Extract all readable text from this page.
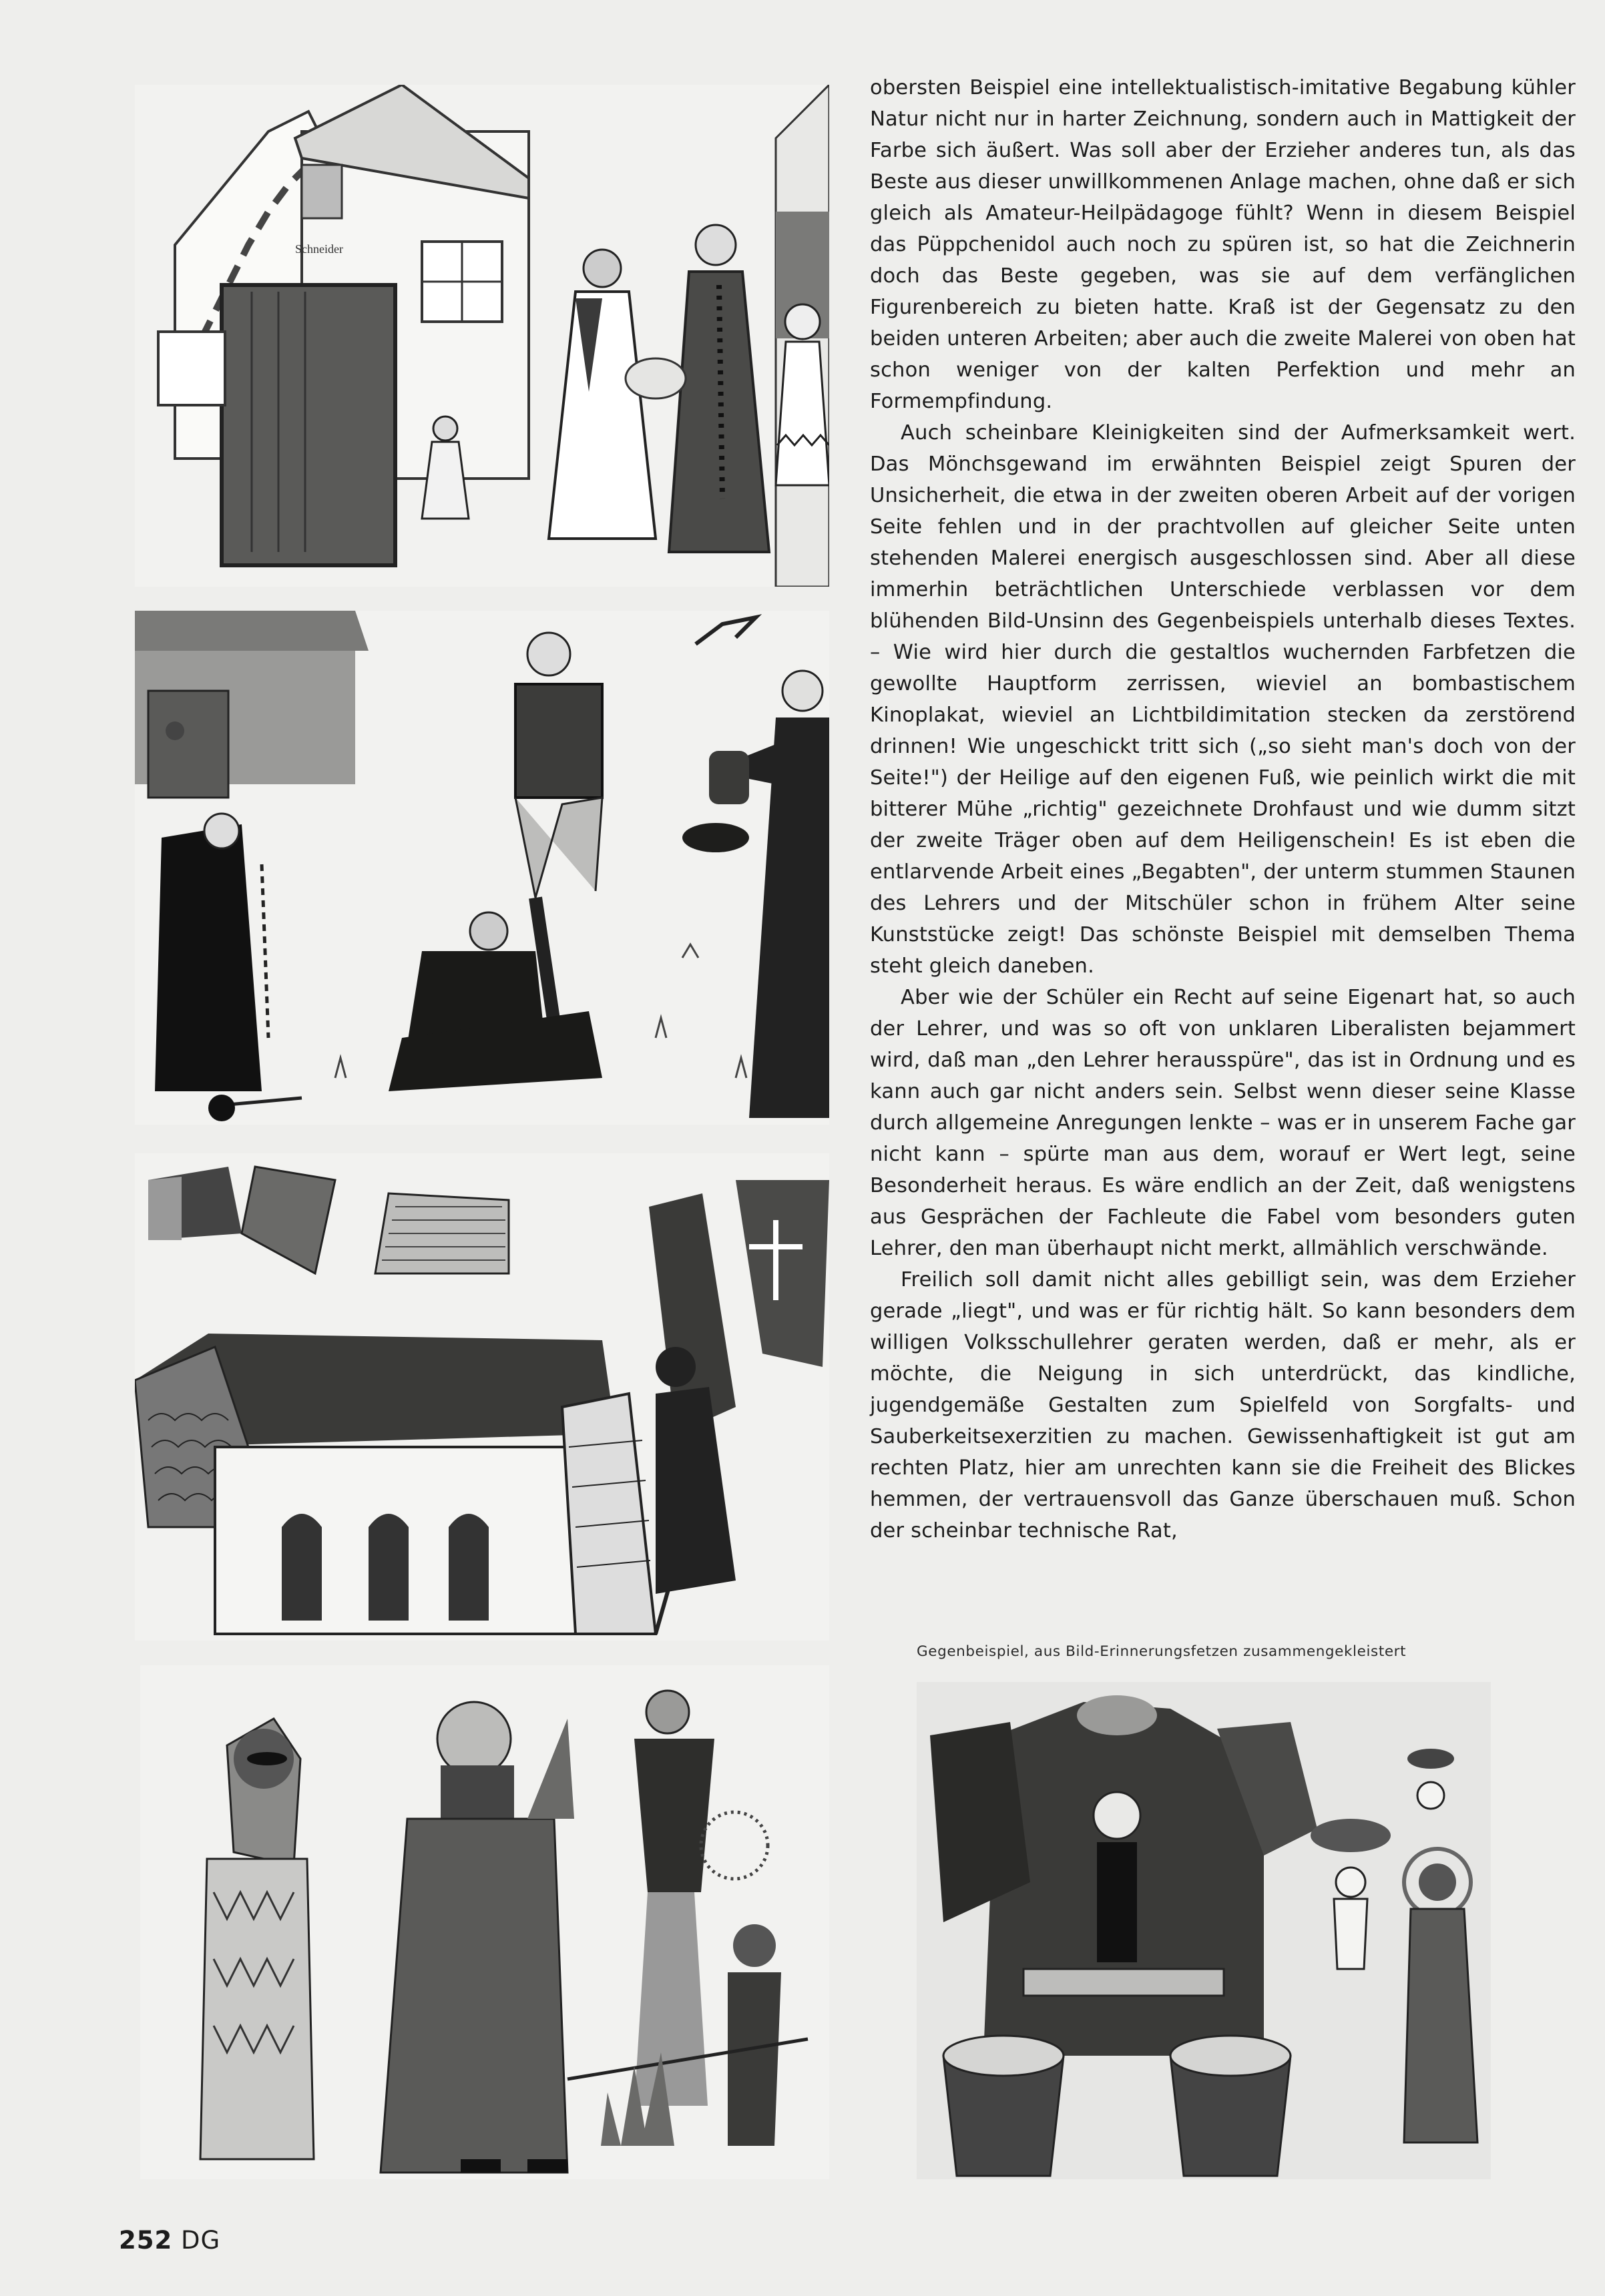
Schneider

obersten Beispiel eine intellektualistisch-imitative Begabung kühler Natur nicht nur in harter Zeichnung, sondern auch in Mattigkeit der Farbe sich äußert. Was soll aber der Erzieher anderes tun, als das Beste aus dieser unwillkommenen Anlage machen, ohne daß er sich gleich als Amateur-Heilpädagoge fühlt? Wenn in diesem Beispiel das Püppchenidol auch noch zu spüren ist, so hat die Zeichnerin doch das Beste gegeben, was sie auf dem verfänglichen Figurenbereich zu bieten hatte. Kraß ist der Gegensatz zu den beiden unteren Arbeiten; aber auch die zweite Malerei von oben hat schon weniger von der kalten Perfektion und mehr an Formempfindung.

Auch scheinbare Kleinigkeiten sind der Aufmerksamkeit wert. Das Mönchsgewand im erwähnten Beispiel zeigt Spuren der Unsicherheit, die etwa in der zweiten oberen Arbeit auf der vorigen Seite fehlen und in der prachtvollen auf gleicher Seite unten stehenden Malerei energisch ausgeschlossen sind. Aber all diese immerhin beträchtlichen Unterschiede verblassen vor dem blühenden Bild-Unsinn des Gegenbeispiels unterhalb dieses Textes. – Wie wird hier durch die gestaltlos wuchernden Farbfetzen die gewollte Hauptform zerrissen, wieviel an bombastischem Kinoplakat, wieviel an Lichtbildimitation stecken da zerstörend drinnen! Wie ungeschickt tritt sich („so sieht man's doch von der Seite!") der Heilige auf den eigenen Fuß, wie peinlich wirkt die mit bitterer Mühe „richtig" gezeichnete Drohfaust und wie dumm sitzt der zweite Träger oben auf dem Heiligenschein! Es ist eben die entlarvende Arbeit eines „Begabten", der unterm stummen Staunen des Lehrers und der Mitschüler schon in frühem Alter seine Kunststücke zeigt! Das schönste Beispiel mit demselben Thema steht gleich daneben.

Aber wie der Schüler ein Recht auf seine Eigenart hat, so auch der Lehrer, und was so oft von unklaren Liberalisten bejammert wird, daß man „den Lehrer herausspüre", das ist in Ordnung und es kann auch gar nicht anders sein. Selbst wenn dieser seine Klasse durch allgemeine Anregungen lenkte – was er in unserem Fache gar nicht kann – spürte man aus dem, worauf er Wert legt, seine Besonderheit heraus. Es wäre endlich an der Zeit, daß wenigstens aus Gesprächen der Fachleute die Fabel vom besonders guten Lehrer, den man überhaupt nicht merkt, allmählich verschwände.

Freilich soll damit nicht alles gebilligt sein, was dem Erzieher gerade „liegt", und was er für richtig hält. So kann besonders dem willigen Volksschullehrer geraten werden, daß er mehr, als er möchte, die Neigung in sich unterdrückt, das kindliche, jugendgemäße Gestalten zum Spielfeld von Sorgfalts- und Sauberkeitsexerzitien zu machen. Gewissenhaftigkeit ist gut am rechten Platz, hier am unrechten kann sie die Freiheit des Blickes hemmen, der vertrauensvoll das Ganze überschauen muß. Schon der scheinbar technische Rat,

Gegenbeispiel, aus Bild-Erinnerungsfetzen zusammengekleistert
252 DG
